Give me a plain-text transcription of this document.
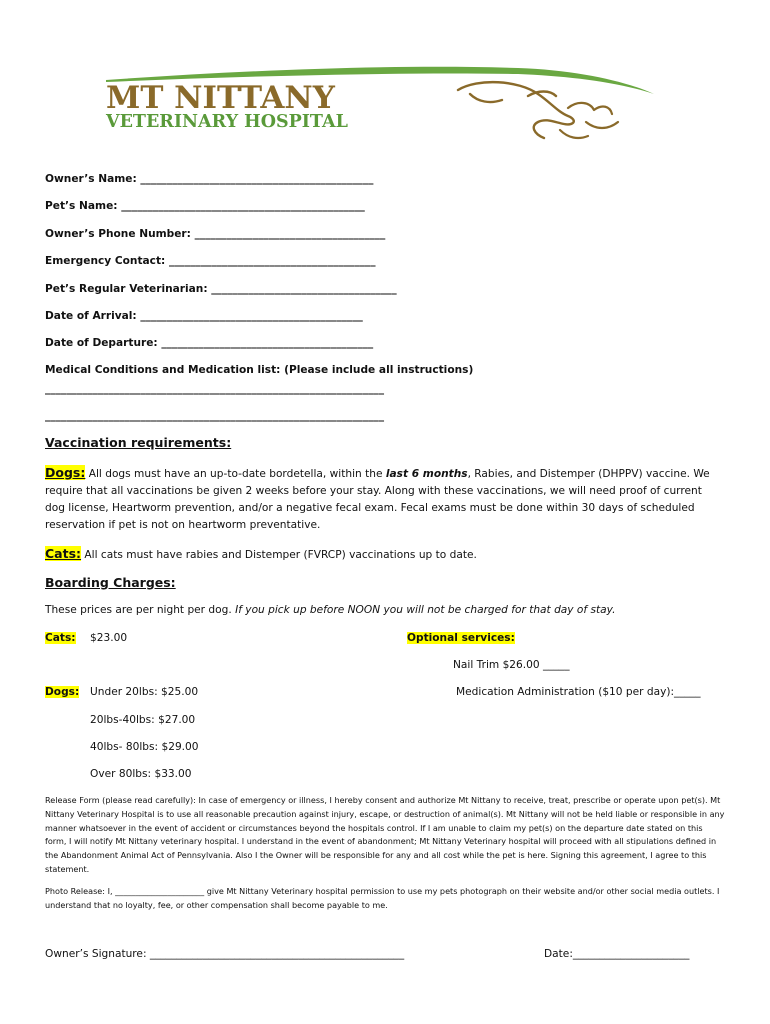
MT NITTANY
VETERINARY HOSPITAL
Owner’s Name: ____________________________________________
Pet’s Name: ______________________________________________
Owner’s Phone Number: ____________________________________
Emergency Contact: _______________________________________
Pet’s Regular Veterinarian: ___________________________________
Date of Arrival: __________________________________________
Date of Departure: ________________________________________
Medical Conditions and Medication list: (Please include all instructions)
________________________________________________________________
________________________________________________________________
Vaccination requirements:
Dogs: All dogs must have an up-to-date bordetella, within the last 6 months, Rabies, and Distemper (DHPPV) vaccine. We require that all vaccinations be given 2 weeks before your stay. Along with these vaccinations, we will need proof of current dog license, Heartworm prevention, and/or a negative fecal exam. Fecal exams must be done within 30 days of scheduled reservation if pet is not on heartworm preventative.
Cats: All cats must have rabies and Distemper (FVRCP) vaccinations up to date.
Boarding Charges:
These prices are per night per dog. If you pick up before NOON you will not be charged for that day of stay.
Cats: $23.00	Optional services:
Nail Trim $26.00 _____
Dogs: Under 20lbs: $25.00	Medication Administration ($10 per day):_____
20lbs-40lbs: $27.00
40lbs- 80lbs: $29.00
Over 80lbs: $33.00
Release Form (please read carefully): In case of emergency or illness, I hereby consent and authorize Mt Nittany to receive, treat, prescribe or operate upon pet(s). Mt Nittany Veterinary Hospital is to use all reasonable precaution against injury, escape, or destruction of animal(s). Mt Nittany will not be held liable or responsible in any manner whatsoever in the event of accident or circumstances beyond the hospitals control. If I am unable to claim my pet(s) on the departure date stated on this form, I will notify Mt Nittany veterinary hospital. I understand in the event of abandonment; Mt Nittany Veterinary hospital will proceed with all stipulations defined in the Abandonment Animal Act of Pennsylvania. Also I the Owner will be responsible for any and all cost while the pet is here. Signing this agreement, I agree to this statement.
Photo Release: I, ______________________ give Mt Nittany Veterinary hospital permission to use my pets photograph on their website and/or other social media outlets. I understand that no loyalty, fee, or other compensation shall become payable to me.
Owner’s Signature: ________________________________________________	Date:______________________
